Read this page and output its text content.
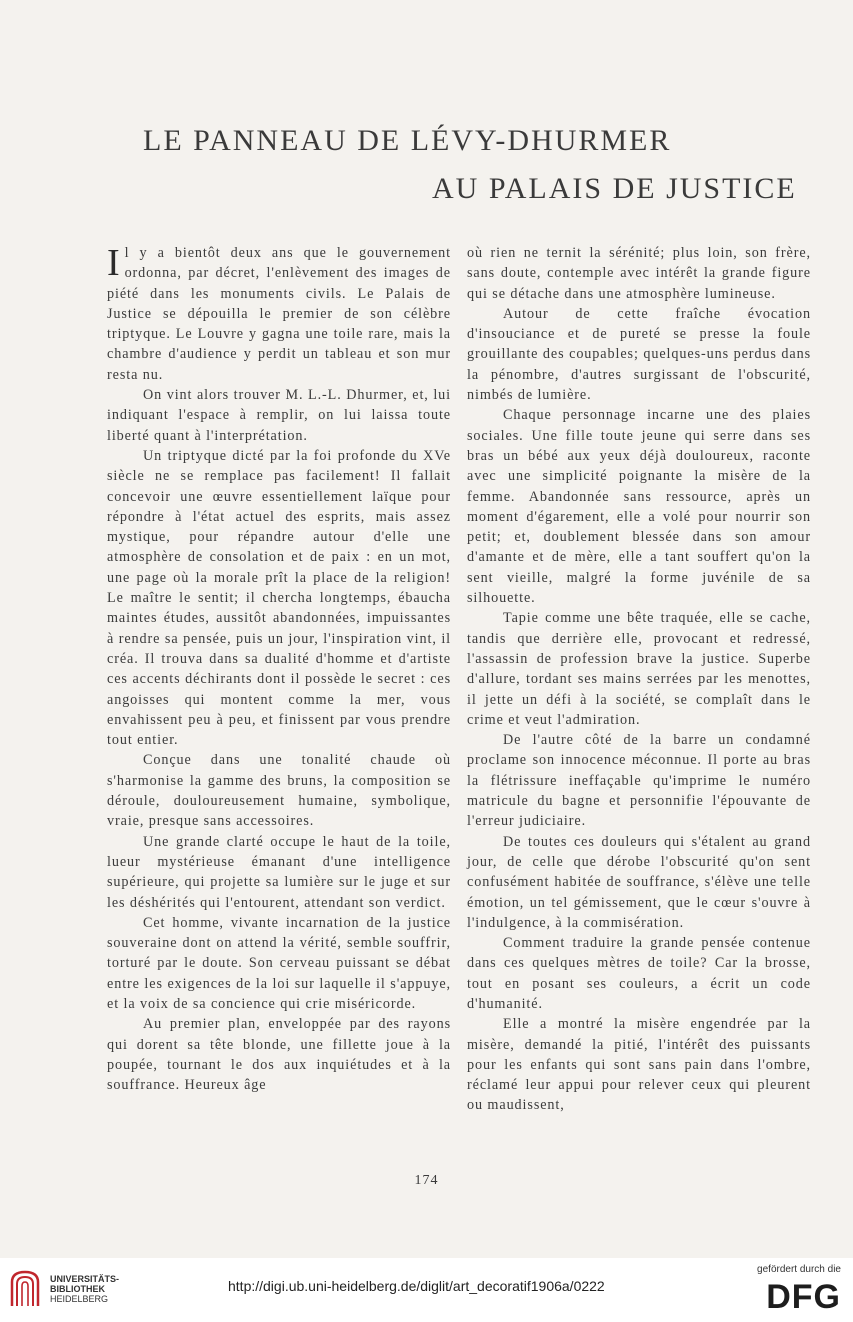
LE PANNEAU DE LÉVY-DHURMER
AU PALAIS DE JUSTICE

Il y a bientôt deux ans que le gouvernement ordonna, par décret, l'enlèvement des images de piété dans les monuments civils. Le Palais de Justice se dépouilla le premier de son célèbre triptyque. Le Louvre y gagna une toile rare, mais la chambre d'audience y perdit un tableau et son mur resta nu.

On vint alors trouver M. L.-L. Dhurmer, et, lui indiquant l'espace à remplir, on lui laissa toute liberté quant à l'interprétation.

Un triptyque dicté par la foi profonde du XVe siècle ne se remplace pas facilement! Il fallait concevoir une œuvre essentiellement laïque pour répondre à l'état actuel des esprits, mais assez mystique, pour répandre autour d'elle une atmosphère de consolation et de paix : en un mot, une page où la morale prît la place de la religion! Le maître le sentit; il chercha longtemps, ébaucha maintes études, aussitôt abandonnées, impuissantes à rendre sa pensée, puis un jour, l'inspiration vint, il créa. Il trouva dans sa dualité d'homme et d'artiste ces accents déchirants dont il possède le secret : ces angoisses qui montent comme la mer, vous envahissent peu à peu, et finissent par vous prendre tout entier.

Conçue dans une tonalité chaude où s'harmonise la gamme des bruns, la composition se déroule, douloureusement humaine, symbolique, vraie, presque sans accessoires.

Une grande clarté occupe le haut de la toile, lueur mystérieuse émanant d'une intelligence supérieure, qui projette sa lumière sur le juge et sur les déshérités qui l'entourent, attendant son verdict.

Cet homme, vivante incarnation de la justice souveraine dont on attend la vérité, semble souffrir, torturé par le doute. Son cerveau puissant se débat entre les exigences de la loi sur laquelle il s'appuye, et la voix de sa concience qui crie miséricorde.

Au premier plan, enveloppée par des rayons qui dorent sa tête blonde, une fillette joue à la poupée, tournant le dos aux inquiétudes et à la souffrance. Heureux âge

où rien ne ternit la sérénité; plus loin, son frère, sans doute, contemple avec intérêt la grande figure qui se détache dans une atmosphère lumineuse.

Autour de cette fraîche évocation d'insouciance et de pureté se presse la foule grouillante des coupables; quelques-uns perdus dans la pénombre, d'autres surgissant de l'obscurité, nimbés de lumière.

Chaque personnage incarne une des plaies sociales. Une fille toute jeune qui serre dans ses bras un bébé aux yeux déjà douloureux, raconte avec une simplicité poignante la misère de la femme. Abandonnée sans ressource, après un moment d'égarement, elle a volé pour nourrir son petit; et, doublement blessée dans son amour d'amante et de mère, elle a tant souffert qu'on la sent vieille, malgré la forme juvénile de sa silhouette.

Tapie comme une bête traquée, elle se cache, tandis que derrière elle, provocant et redressé, l'assassin de profession brave la justice. Superbe d'allure, tordant ses mains serrées par les menottes, il jette un défi à la société, se complaît dans le crime et veut l'admiration.

De l'autre côté de la barre un condamné proclame son innocence méconnue. Il porte au bras la flétrissure ineffaçable qu'imprime le numéro matricule du bagne et personnifie l'épouvante de l'erreur judiciaire.

De toutes ces douleurs qui s'étalent au grand jour, de celle que dérobe l'obscurité qu'on sent confusément habitée de souffrance, s'élève une telle émotion, un tel gémissement, que le cœur s'ouvre à l'indulgence, à la commisération.

Comment traduire la grande pensée contenue dans ces quelques mètres de toile? Car la brosse, tout en posant ses couleurs, a écrit un code d'humanité.

Elle a montré la misère engendrée par la misère, demandé la pitié, l'intérêt des puissants pour les enfants qui sont sans pain dans l'ombre, réclamé leur appui pour relever ceux qui pleurent ou maudissent,

174
UNIVERSITÄTS-
BIBLIOTHEK
HEIDELBERG
http://digi.ub.uni-heidelberg.de/diglit/art_decoratif1906a/0222
gefördert durch die
DFG
